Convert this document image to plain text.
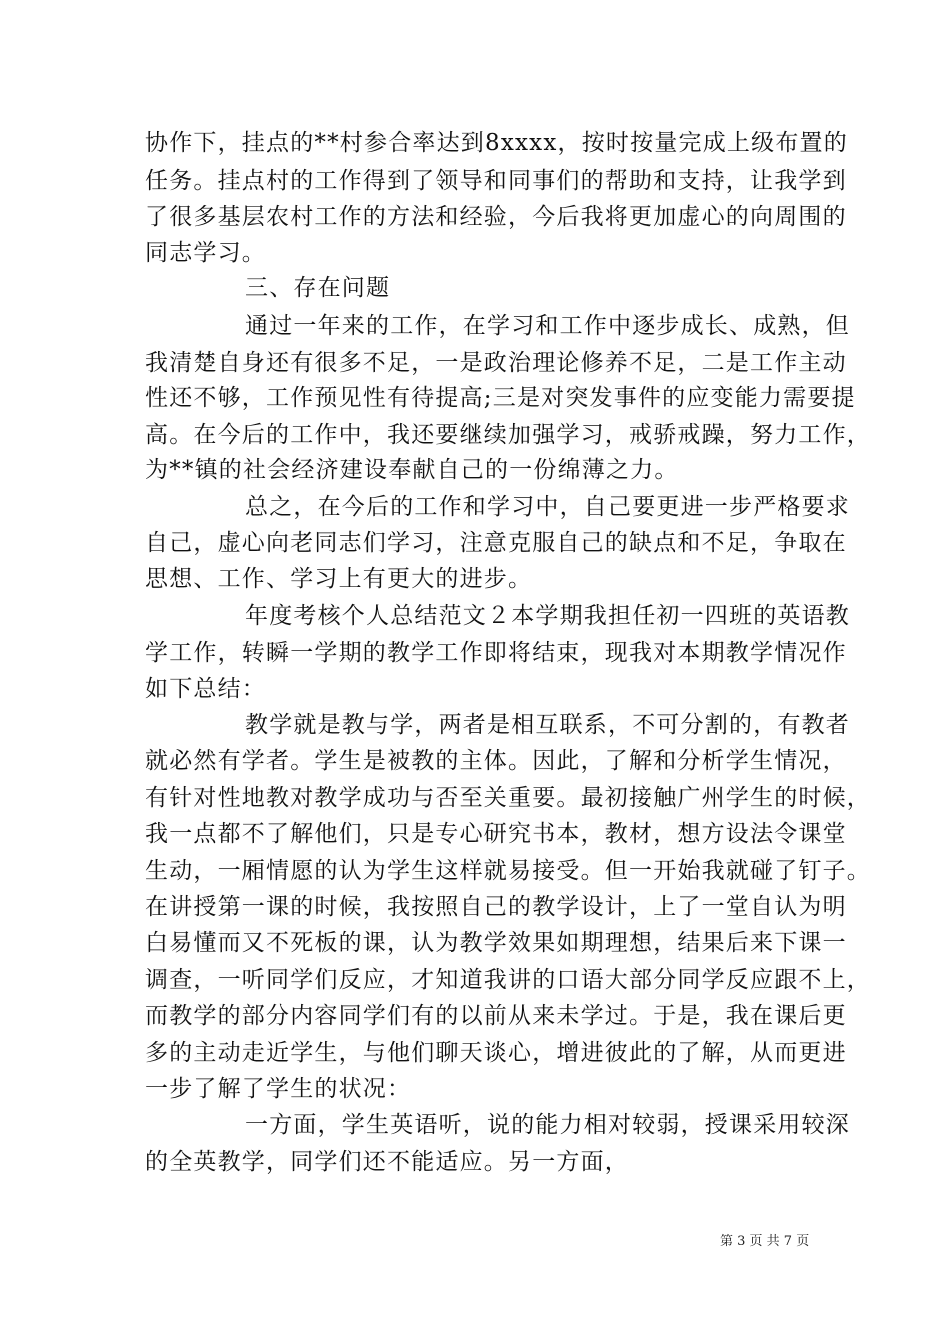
协作下，挂点的**村参合率达到8xxxx，按时按量完成上级布置的
任务。挂点村的工作得到了领导和同事们的帮助和支持，让我学到
了很多基层农村工作的方法和经验，今后我将更加虚心的向周围的
同志学习。
三、存在问题
通过一年来的工作，在学习和工作中逐步成长、成熟，但
我清楚自身还有很多不足，一是政治理论修养不足，二是工作主动
性还不够，工作预见性有待提高;三是对突发事件的应变能力需要提
高。在今后的工作中，我还要继续加强学习，戒骄戒躁，努力工作，
为**镇的社会经济建设奉献自己的一份绵薄之力。
总之，在今后的工作和学习中，自己要更进一步严格要求
自己，虚心向老同志们学习，注意克服自己的缺点和不足，争取在
思想、工作、学习上有更大的进步。
年度考核个人总结范文２本学期我担任初一四班的英语教
学工作，转瞬一学期的教学工作即将结束，现我对本期教学情况作
如下总结：
教学就是教与学，两者是相互联系，不可分割的，有教者
就必然有学者。学生是被教的主体。因此，了解和分析学生情况，
有针对性地教对教学成功与否至关重要。最初接触广州学生的时候，
我一点都不了解他们，只是专心研究书本，教材，想方设法令课堂
生动，一厢情愿的认为学生这样就易接受。但一开始我就碰了钉子。
在讲授第一课的时候，我按照自己的教学设计，上了一堂自认为明
白易懂而又不死板的课，认为教学效果如期理想，结果后来下课一
调查，一听同学们反应，才知道我讲的口语大部分同学反应跟不上，
而教学的部分内容同学们有的以前从来未学过。于是，我在课后更
多的主动走近学生，与他们聊天谈心，增进彼此的了解，从而更进
一步了解了学生的状况：
一方面，学生英语听，说的能力相对较弱，授课采用较深
的全英教学，同学们还不能适应。另一方面，
第 3 页 共 7 页
